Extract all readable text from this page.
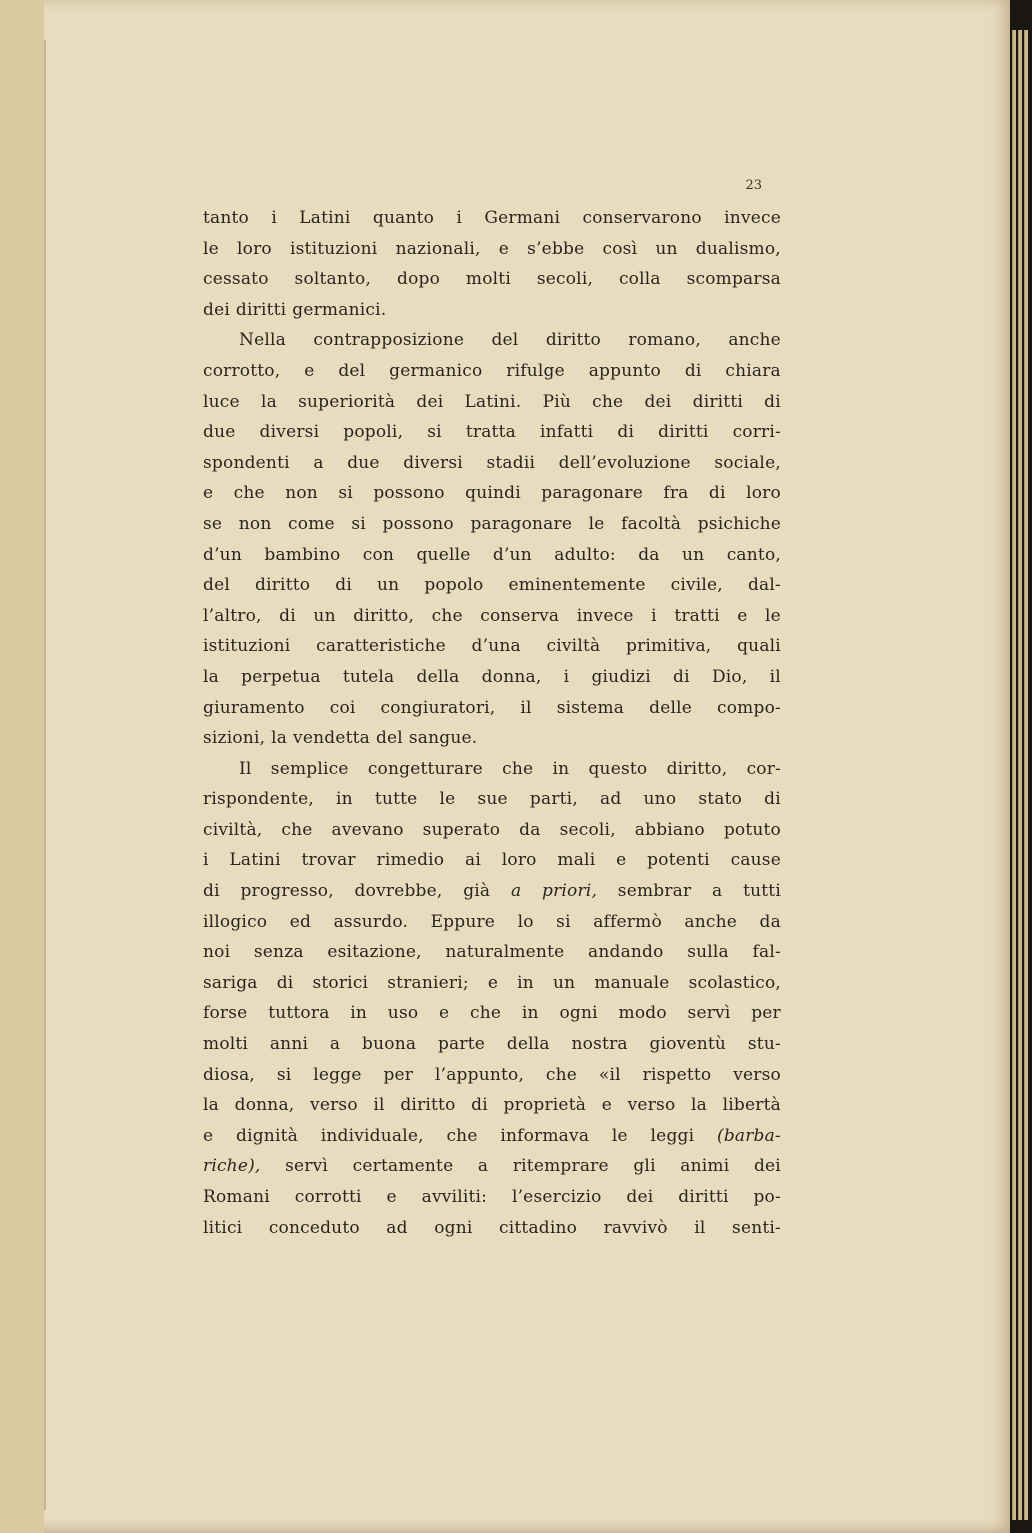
23
tanto i Latini quanto i Germani conservarono invece
le loro istituzioni nazionali, e s’ebbe così un dualismo,
cessato soltanto, dopo molti secoli, colla scomparsa
dei diritti germanici.
Nella contrapposizione del diritto romano, anche
corrotto, e del germanico rifulge appunto di chiara
luce la superiorità dei Latini. Più che dei diritti di
due diversi popoli, si tratta infatti di diritti corri-
spondenti a due diversi stadii dell’evoluzione sociale,
e che non si possono quindi paragonare fra di loro
se non come si possono paragonare le facoltà psichiche
d’un bambino con quelle d’un adulto: da un canto,
del diritto di un popolo eminentemente civile, dal-
l’altro, di un diritto, che conserva invece i tratti e le
istituzioni caratteristiche d’una civiltà primitiva, quali
la perpetua tutela della donna, i giudizi di Dio, il
giuramento coi congiuratori, il sistema delle compo-
sizioni, la vendetta del sangue.
Il semplice congetturare che in questo diritto, cor-
rispondente, in tutte le sue parti, ad uno stato di
civiltà, che avevano superato da secoli, abbiano potuto
i Latini trovar rimedio ai loro mali e potenti cause
di progresso, dovrebbe, già a priori, sembrar a tutti
illogico ed assurdo. Eppure lo si affermò anche da
noi senza esitazione, naturalmente andando sulla fal-
sariga di storici stranieri; e in un manuale scolastico,
forse tuttora in uso e che in ogni modo servì per
molti anni a buona parte della nostra gioventù stu-
diosa, si legge per l’appunto, che «il rispetto verso
la donna, verso il diritto di proprietà e verso la libertà
e dignità individuale, che informava le leggi (barba-
riche), servì certamente a ritemprare gli animi dei
Romani corrotti e avviliti: l’esercizio dei diritti po-
litici conceduto ad ogni cittadino ravvivò il senti-
